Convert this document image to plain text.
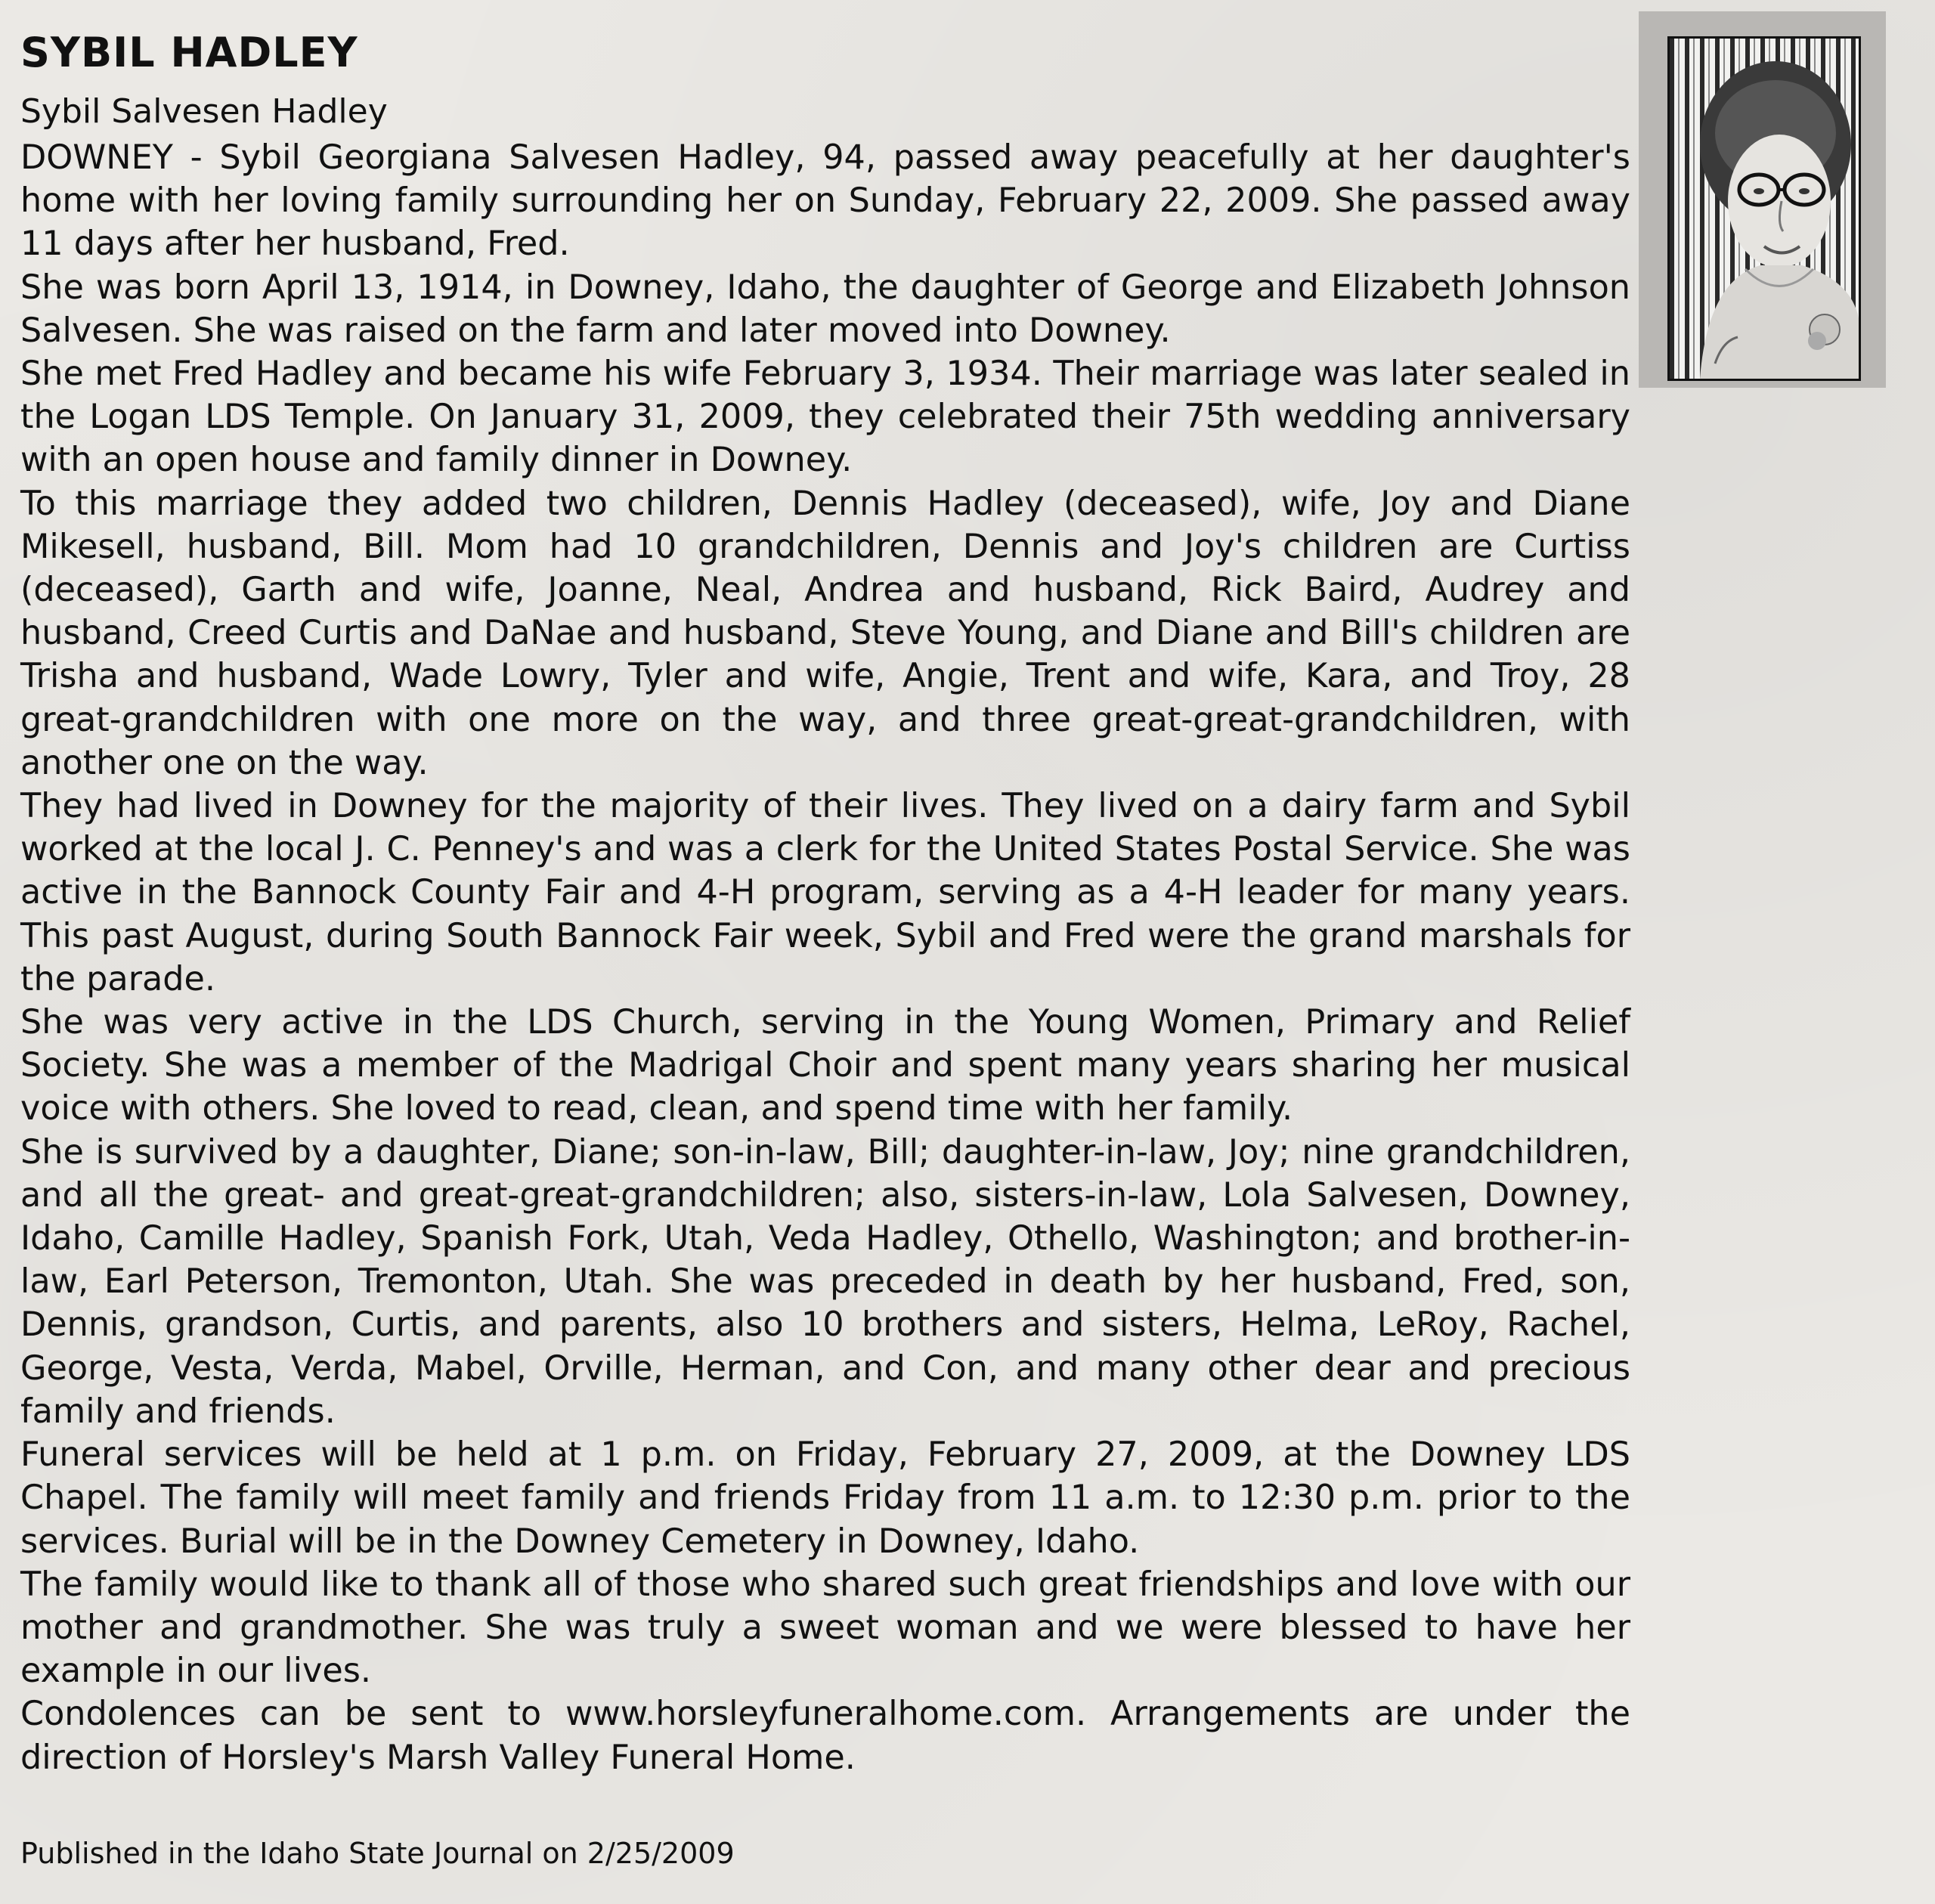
SYBIL HADLEY

Sybil Salvesen Hadley

DOWNEY - Sybil Georgiana Salvesen Hadley, 94, passed away peacefully at her daughter's home with her loving family surrounding her on Sunday, February 22, 2009. She passed away 11 days after her husband, Fred.

She was born April 13, 1914, in Downey, Idaho, the daughter of George and Elizabeth Johnson Salvesen. She was raised on the farm and later moved into Downey.

She met Fred Hadley and became his wife February 3, 1934. Their marriage was later sealed in the Logan LDS Temple. On January 31, 2009, they celebrated their 75th wedding anniversary with an open house and family dinner in Downey.

To this marriage they added two children, Dennis Hadley (deceased), wife, Joy and Diane Mikesell, husband, Bill. Mom had 10 grandchildren, Dennis and Joy's children are Curtiss (deceased), Garth and wife, Joanne, Neal, Andrea and husband, Rick Baird, Audrey and husband, Creed Curtis and DaNae and husband, Steve Young, and Diane and Bill's children are Trisha and husband, Wade Lowry, Tyler and wife, Angie, Trent and wife, Kara, and Troy, 28 great-grandchildren with one more on the way, and three great-great-grandchildren, with another one on the way.

They had lived in Downey for the majority of their lives. They lived on a dairy farm and Sybil worked at the local J. C. Penney's and was a clerk for the United States Postal Service. She was active in the Bannock County Fair and 4-H program, serving as a 4-H leader for many years. This past August, during South Bannock Fair week, Sybil and Fred were the grand marshals for the parade.

She was very active in the LDS Church, serving in the Young Women, Primary and Relief Society. She was a member of the Madrigal Choir and spent many years sharing her musical voice with others. She loved to read, clean, and spend time with her family.

She is survived by a daughter, Diane; son-in-law, Bill; daughter-in-law, Joy; nine grandchildren, and all the great- and great-great-grandchildren; also, sisters-in-law, Lola Salvesen, Downey, Idaho, Camille Hadley, Spanish Fork, Utah, Veda Hadley, Othello, Washington; and brother-in-law, Earl Peterson, Tremonton, Utah. She was preceded in death by her husband, Fred, son, Dennis, grandson, Curtis, and parents, also 10 brothers and sisters, Helma, LeRoy, Rachel, George, Vesta, Verda, Mabel, Orville, Herman, and Con, and many other dear and precious family and friends.

Funeral services will be held at 1 p.m. on Friday, February 27, 2009, at the Downey LDS Chapel. The family will meet family and friends Friday from 11 a.m. to 12:30 p.m. prior to the services. Burial will be in the Downey Cemetery in Downey, Idaho.

The family would like to thank all of those who shared such great friendships and love with our mother and grandmother. She was truly a sweet woman and we were blessed to have her example in our lives.

Condolences can be sent to www.horsleyfuneralhome.com. Arrangements are under the direction of Horsley's Marsh Valley Funeral Home.

Published in the Idaho State Journal on 2/25/2009
